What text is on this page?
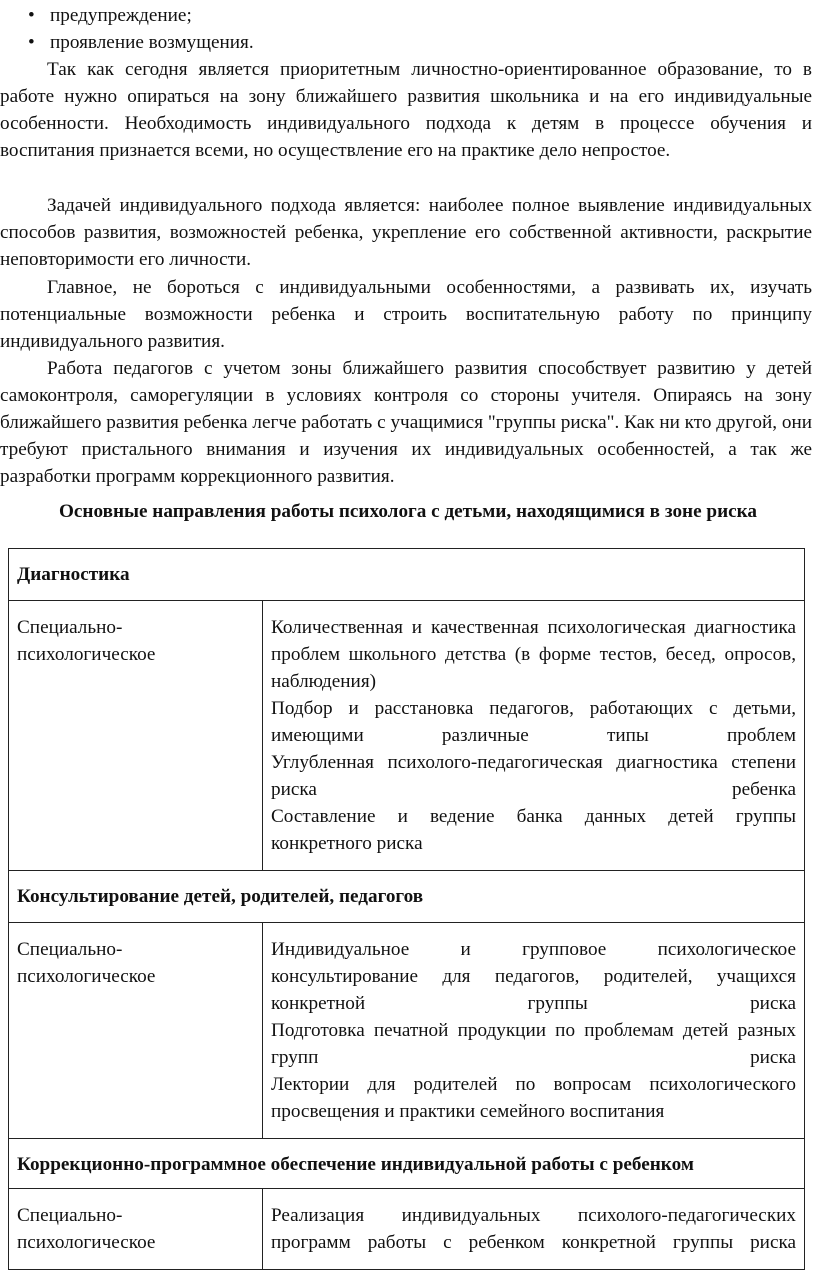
• предупреждение;
• проявление возмущения.

Так как сегодня является приоритетным личностно-ориентированное образование, то в работе нужно опираться на зону ближайшего развития школьника и на его индивидуальные особенности. Необходимость индивидуального подхода к детям в процессе обучения и воспитания признается всеми, но осуществление его на практике дело непростое.

Задачей индивидуального подхода является: наиболее полное выявление индивидуальных способов развития, возможностей ребенка, укрепление его собственной активности, раскрытие неповторимости его личности.

Главное, не бороться с индивидуальными особенностями, а развивать их, изучать потенциальные возможности ребенка и строить воспитательную работу по принципу индивидуального развития.

Работа педагогов с учетом зоны ближайшего развития способствует развитию у детей самоконтроля, саморегуляции в условиях контроля со стороны учителя. Опираясь на зону ближайшего развития ребенка легче работать с учащимися "группы риска". Как ни кто другой, они требуют пристального внимания и изучения их индивидуальных особенностей, а так же разработки программ коррекционного развития.

Основные направления работы психолога с детьми, находящимися в зоне риска
Диагностика	
Специально-психологическое	Количественная и качественная психологическая диагностика проблем школьного детства (в форме тестов, бесед, опросов, наблюдения)
Подбор и расстановка педагогов, работающих с детьми, имеющими различные типы проблем
Углубленная психолого-педагогическая диагностика степени риска ребенка
Составление и ведение банка данных детей группы конкретного риска

Консультирование детей, родителей, педагогов	
Специально-психологическое	Индивидуальное и групповое психологическое консультирование для педагогов, родителей, учащихся конкретной группы риска
Подготовка печатной продукции по проблемам детей разных групп риска
Лектории для родителей по вопросам психологического просвещения и практики семейного воспитания

Коррекционно-программное обеспечение индивидуальной работы с ребенком	
Специально-психологическое	Реализация индивидуальных психолого-педагогических программ работы с ребенком конкретной группы риска
